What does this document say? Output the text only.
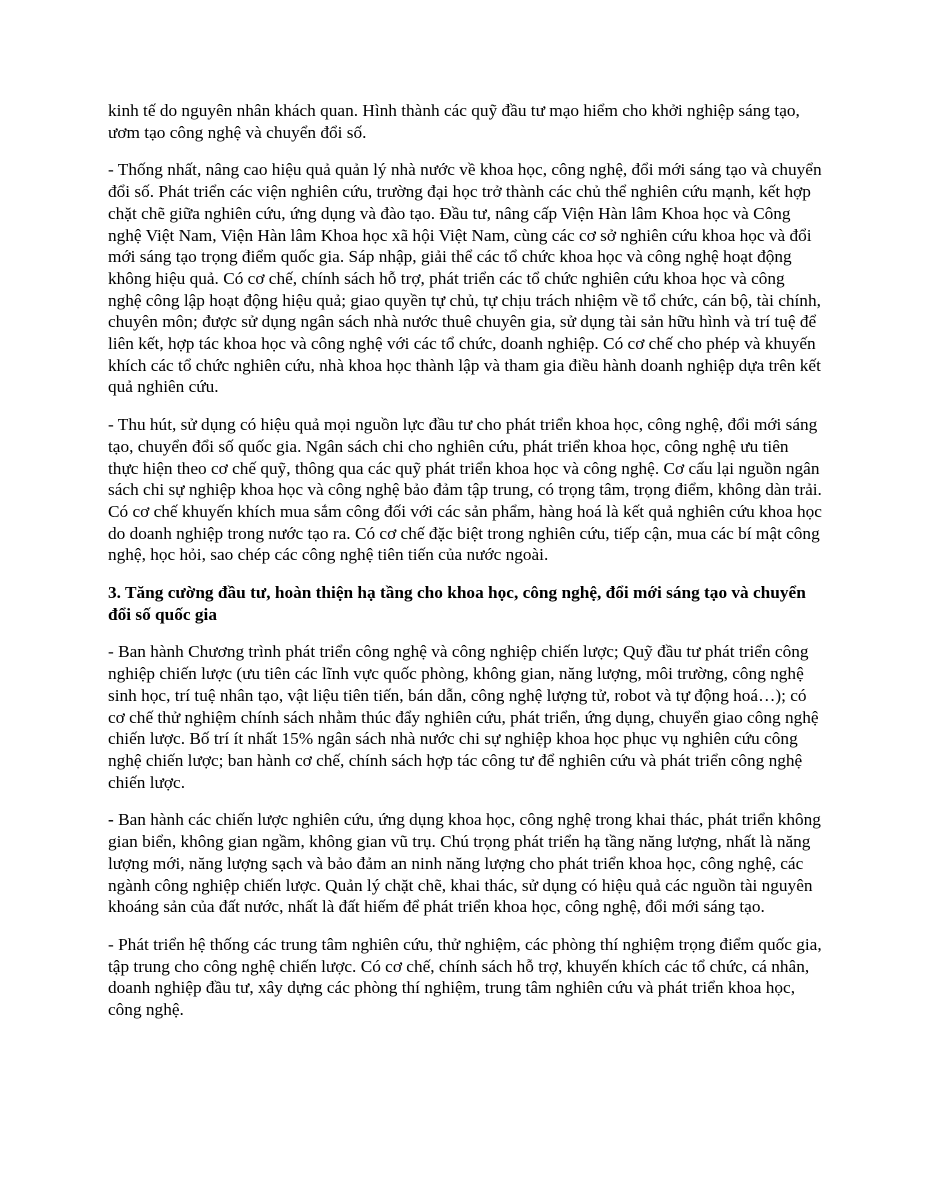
kinh tế do nguyên nhân khách quan. Hình thành các quỹ đầu tư mạo hiểm cho khởi nghiệp sáng tạo, ươm tạo công nghệ và chuyển đổi số.

- Thống nhất, nâng cao hiệu quả quản lý nhà nước về khoa học, công nghệ, đổi mới sáng tạo và chuyển đổi số. Phát triển các viện nghiên cứu, trường đại học trở thành các chủ thể nghiên cứu mạnh, kết hợp chặt chẽ giữa nghiên cứu, ứng dụng và đào tạo. Đầu tư, nâng cấp Viện Hàn lâm Khoa học và Công nghệ Việt Nam, Viện Hàn lâm Khoa học xã hội Việt Nam, cùng các cơ sở nghiên cứu khoa học và đổi mới sáng tạo trọng điểm quốc gia. Sáp nhập, giải thể các tổ chức khoa học và công nghệ hoạt động không hiệu quả. Có cơ chế, chính sách hỗ trợ, phát triển các tổ chức nghiên cứu khoa học và công nghệ công lập hoạt động hiệu quả; giao quyền tự chủ, tự chịu trách nhiệm về tổ chức, cán bộ, tài chính, chuyên môn; được sử dụng ngân sách nhà nước thuê chuyên gia, sử dụng tài sản hữu hình và trí tuệ để liên kết, hợp tác khoa học và công nghệ với các tổ chức, doanh nghiệp. Có cơ chế cho phép và khuyến khích các tổ chức nghiên cứu, nhà khoa học thành lập và tham gia điều hành doanh nghiệp dựa trên kết quả nghiên cứu.

- Thu hút, sử dụng có hiệu quả mọi nguồn lực đầu tư cho phát triển khoa học, công nghệ, đổi mới sáng tạo, chuyển đổi số quốc gia. Ngân sách chi cho nghiên cứu, phát triển khoa học, công nghệ ưu tiên thực hiện theo cơ chế quỹ, thông qua các quỹ phát triển khoa học và công nghệ. Cơ cấu lại nguồn ngân sách chi sự nghiệp khoa học và công nghệ bảo đảm tập trung, có trọng tâm, trọng điểm, không dàn trải. Có cơ chế khuyến khích mua sắm công đối với các sản phẩm, hàng hoá là kết quả nghiên cứu khoa học do doanh nghiệp trong nước tạo ra. Có cơ chế đặc biệt trong nghiên cứu, tiếp cận, mua các bí mật công nghệ, học hỏi, sao chép các công nghệ tiên tiến của nước ngoài.

3. Tăng cường đầu tư, hoàn thiện hạ tầng cho khoa học, công nghệ, đổi mới sáng tạo và chuyển đổi số quốc gia

- Ban hành Chương trình phát triển công nghệ và công nghiệp chiến lược; Quỹ đầu tư phát triển công nghiệp chiến lược (ưu tiên các lĩnh vực quốc phòng, không gian, năng lượng, môi trường, công nghệ sinh học, trí tuệ nhân tạo, vật liệu tiên tiến, bán dẫn, công nghệ lượng tử, robot và tự động hoá…); có cơ chế thử nghiệm chính sách nhằm thúc đẩy nghiên cứu, phát triển, ứng dụng, chuyển giao công nghệ chiến lược. Bố trí ít nhất 15% ngân sách nhà nước chi sự nghiệp khoa học phục vụ nghiên cứu công nghệ chiến lược; ban hành cơ chế, chính sách hợp tác công tư để nghiên cứu và phát triển công nghệ chiến lược.

- Ban hành các chiến lược nghiên cứu, ứng dụng khoa học, công nghệ trong khai thác, phát triển không gian biển, không gian ngầm, không gian vũ trụ. Chú trọng phát triển hạ tầng năng lượng, nhất là năng lượng mới, năng lượng sạch và bảo đảm an ninh năng lượng cho phát triển khoa học, công nghệ, các ngành công nghiệp chiến lược. Quản lý chặt chẽ, khai thác, sử dụng có hiệu quả các nguồn tài nguyên khoáng sản của đất nước, nhất là đất hiếm để phát triển khoa học, công nghệ, đổi mới sáng tạo.

- Phát triển hệ thống các trung tâm nghiên cứu, thử nghiệm, các phòng thí nghiệm trọng điểm quốc gia, tập trung cho công nghệ chiến lược. Có cơ chế, chính sách hỗ trợ, khuyến khích các tổ chức, cá nhân, doanh nghiệp đầu tư, xây dựng các phòng thí nghiệm, trung tâm nghiên cứu và phát triển khoa học, công nghệ.
